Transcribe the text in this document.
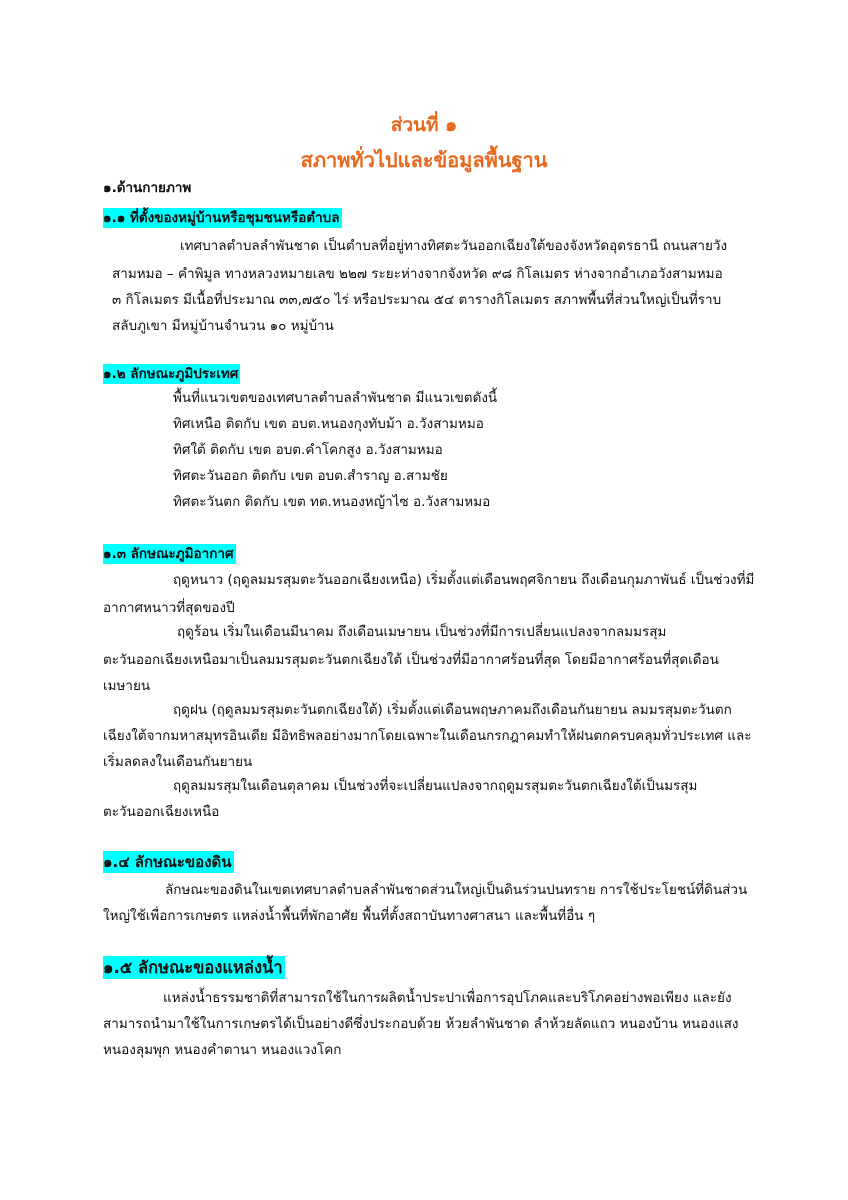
ส่วนที่ ๑
สภาพทั่วไปและข้อมูลพื้นฐาน
๑.ด้านกายภาพ
๑.๑ ที่ตั้งของหมู่บ้านหรือชุมชนหรือตำบล
เทศบาลตำบลลำพันชาด เป็นตำบลที่อยู่ทางทิศตะวันออกเฉียงใต้ของจังหวัดอุดรธานี ถนนสายวัง
สามหมอ – คำพิมูล ทางหลวงหมายเลข ๒๒๗ ระยะห่างจากจังหวัด ๙๘ กิโลเมตร ห่างจากอำเภอวังสามหมอ
๓ กิโลเมตร มีเนื้อที่ประมาณ ๓๓,๗๕๐ ไร่ หรือประมาณ ๕๔ ตารางกิโลเมตร สภาพพื้นที่ส่วนใหญ่เป็นที่ราบ
สลับภูเขา มีหมู่บ้านจำนวน ๑๐ หมู่บ้าน
๑.๒ ลักษณะภูมิประเทศ
พื้นที่แนวเขตของเทศบาลตำบลลำพันชาด มีแนวเขตดังนี้
ทิศเหนือ ติดกับ เขต อบต.หนองกุงทับม้า อ.วังสามหมอ
ทิศใต้ ติดกับ เขต อบต.คำโคกสูง อ.วังสามหมอ
ทิศตะวันออก ติดกับ เขต อบต.สำราญ อ.สามชัย
ทิศตะวันตก ติดกับ เขต ทต.หนองหญ้าไซ อ.วังสามหมอ
๑.๓ ลักษณะภูมิอากาศ
ฤดูหนาว (ฤดูลมมรสุมตะวันออกเฉียงเหนือ) เริ่มตั้งแต่เดือนพฤศจิกายน ถึงเดือนกุมภาพันธ์ เป็นช่วงที่มี
อากาศหนาวที่สุดของปี
ฤดูร้อน เริ่มในเดือนมีนาคม ถึงเดือนเมษายน เป็นช่วงที่มีการเปลี่ยนแปลงจากลมมรสุม
ตะวันออกเฉียงเหนือมาเป็นลมมรสุมตะวันตกเฉียงใต้ เป็นช่วงที่มีอากาศร้อนที่สุด โดยมีอากาศร้อนที่สุดเดือน
เมษายน
ฤดูฝน (ฤดูลมมรสุมตะวันตกเฉียงใต้) เริ่มตั้งแต่เดือนพฤษภาคมถึงเดือนกันยายน ลมมรสุมตะวันตก
เฉียงใต้จากมหาสมุทรอินเดีย มีอิทธิพลอย่างมากโดยเฉพาะในเดือนกรกฎาคมทำให้ฝนตกครบคลุมทั่วประเทศ และ
เริ่มลดลงในเดือนกันยายน
ฤดูลมมรสุมในเดือนตุลาคม เป็นช่วงที่จะเปลี่ยนแปลงจากฤดูมรสุมตะวันตกเฉียงใต้เป็นมรสุม
ตะวันออกเฉียงเหนือ
๑.๔ ลักษณะของดิน
ลักษณะของดินในเขตเทศบาลตำบลลำพันชาดส่วนใหญ่เป็นดินร่วนปนทราย การใช้ประโยชน์ที่ดินส่วน
ใหญ่ใช้เพื่อการเกษตร แหล่งน้ำพื้นที่พักอาศัย พื้นที่ตั้งสถาบันทางศาสนา และพื้นที่อื่น ๆ
๑.๕ ลักษณะของแหล่งน้ำ
แหล่งน้ำธรรมชาติที่สามารถใช้ในการผลิตน้ำประปาเพื่อการอุปโภคและบริโภคอย่างพอเพียง และยัง
สามารถนำมาใช้ในการเกษตรได้เป็นอย่างดีซึ่งประกอบด้วย ห้วยลำพันชาด ลำห้วยลัดแถว หนองบ้าน หนองแสง
หนองลุมพุก หนองคำตานา หนองแวงโคก
